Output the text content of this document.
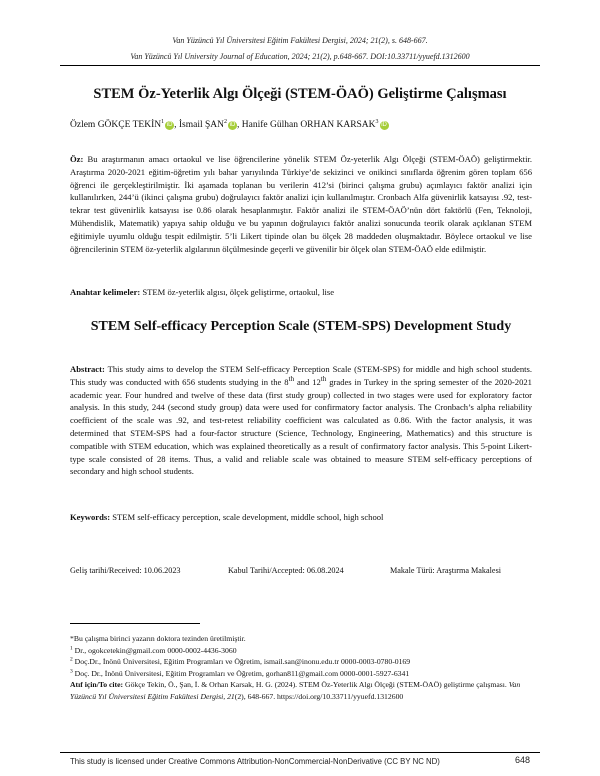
Van Yüzüncü Yıl Üniversitesi Eğitim Fakültesi Dergisi, 2024; 21(2), s. 648-667.
Van Yüzüncü Yıl University Journal of Education, 2024; 21(2), p.648-667. DOI:10.33711/yyuefd.1312600
STEM Öz-Yeterlik Algı Ölçeği (STEM-ÖAÖ) Geliştirme Çalışması
Özlem GÖKÇE TEKİN$^1$iD , İsmail ŞAN$^2$iD , Hanife Gülhan ORHAN KARSAK$^3$iD
Öz: Bu araştırmanın amacı ortaokul ve lise öğrencilerine yönelik STEM Öz-yeterlik Algı Ölçeği (STEM-ÖAÖ) geliştirmektir. Araştırma 2020-2021 eğitim-öğretim yılı bahar yarıyılında Türkiye’de sekizinci ve onikinci sınıflarda öğrenim gören toplam 656 öğrenci ile gerçekleştirilmiştir. İki aşamada toplanan bu verilerin 412’si (birinci çalışma grubu) açımlayıcı faktör analizi için kullanılırken, 244’ü (ikinci çalışma grubu) doğrulayıcı faktör analizi için kullanılmıştır. Cronbach Alfa güvenirlik katsayısı .92, test-tekrar test güvenirlik katsayısı ise 0.86 olarak hesaplanmıştır. Faktör analizi ile STEM-ÖAÖ’nün dört faktörlü (Fen, Teknoloji, Mühendislik, Matematik) yapıya sahip olduğu ve bu yapının doğrulayıcı faktör analizi sonucunda teorik olarak açıklanan STEM eğitimiyle uyumlu olduğu tespit edilmiştir. 5’li Likert tipinde olan bu ölçek 28 maddeden oluşmaktadır. Böylece ortaokul ve lise öğrencilerinin STEM öz-yeterlik algılarının ölçülmesinde geçerli ve güvenilir bir ölçek olan STEM-ÖAÖ elde edilmiştir.
Anahtar kelimeler: STEM öz-yeterlik algısı, ölçek geliştirme, ortaokul, lise
STEM Self-efficacy Perception Scale (STEM-SPS) Development Study
Abstract: This study aims to develop the STEM Self-efficacy Perception Scale (STEM-SPS) for middle and high school students. This study was conducted with 656 students studying in the 8th and 12th grades in Turkey in the spring semester of the 2020-2021 academic year. Four hundred and twelve of these data (first study group) collected in two stages were used for exploratory factor analysis. In this study, 244 (second study group) data were used for confirmatory factor analysis. The Cronbach’s alpha reliability coefficient of the scale was .92, and test-retest reliability coefficient was calculated as 0.86. With the factor analysis, it was determined that STEM-SPS had a four-factor structure (Science, Technology, Engineering, Mathematics) and this structure is compatible with STEM education, which was explained theoretically as a result of confirmatory factor analysis. This 5-point Likert-type scale consisted of 28 items. Thus, a valid and reliable scale was obtained to measure STEM self-efficacy perceptions of secondary and high school students.
Keywords: STEM self-efficacy perception, scale development, middle school, high school
Geliş tarihi/Received: 10.06.2023	Kabul Tarihi/Accepted: 06.08.2024	Makale Türü: Araştırma Makalesi
*Bu çalışma birinci yazarın doktora tezinden üretilmiştir.
$^1$ Dr., ogokcetekin@gmail.com 0000-0002-4436-3060
$^2$ Doç.Dr., İnönü Üniversitesi, Eğitim Programları ve Öğretim, ismail.san@inonu.edu.tr 0000-0003-0780-0169
$^3$ Doç. Dr., İnönü Üniversitesi, Eğitim Programları ve Öğretim, gorhan811@gmail.com 0000-0001-5927-6341
Atıf için/To cite: Gökçe Tekin, Ö., Şan, İ. & Orhan Karsak, H. G. (2024). STEM Öz-Yeterlik Algı Ölçeği (STEM-ÖAÖ) geliştirme çalışması. Van Yüzüncü Yıl Üniversitesi Eğitim Fakültesi Dergisi, 21(2), 648-667. https://doi.org/10.33711/yyuefd.1312600
This study is licensed under Creative Commons Attribution-NonCommercial-NonDerivative (CC BY NC ND)	648
